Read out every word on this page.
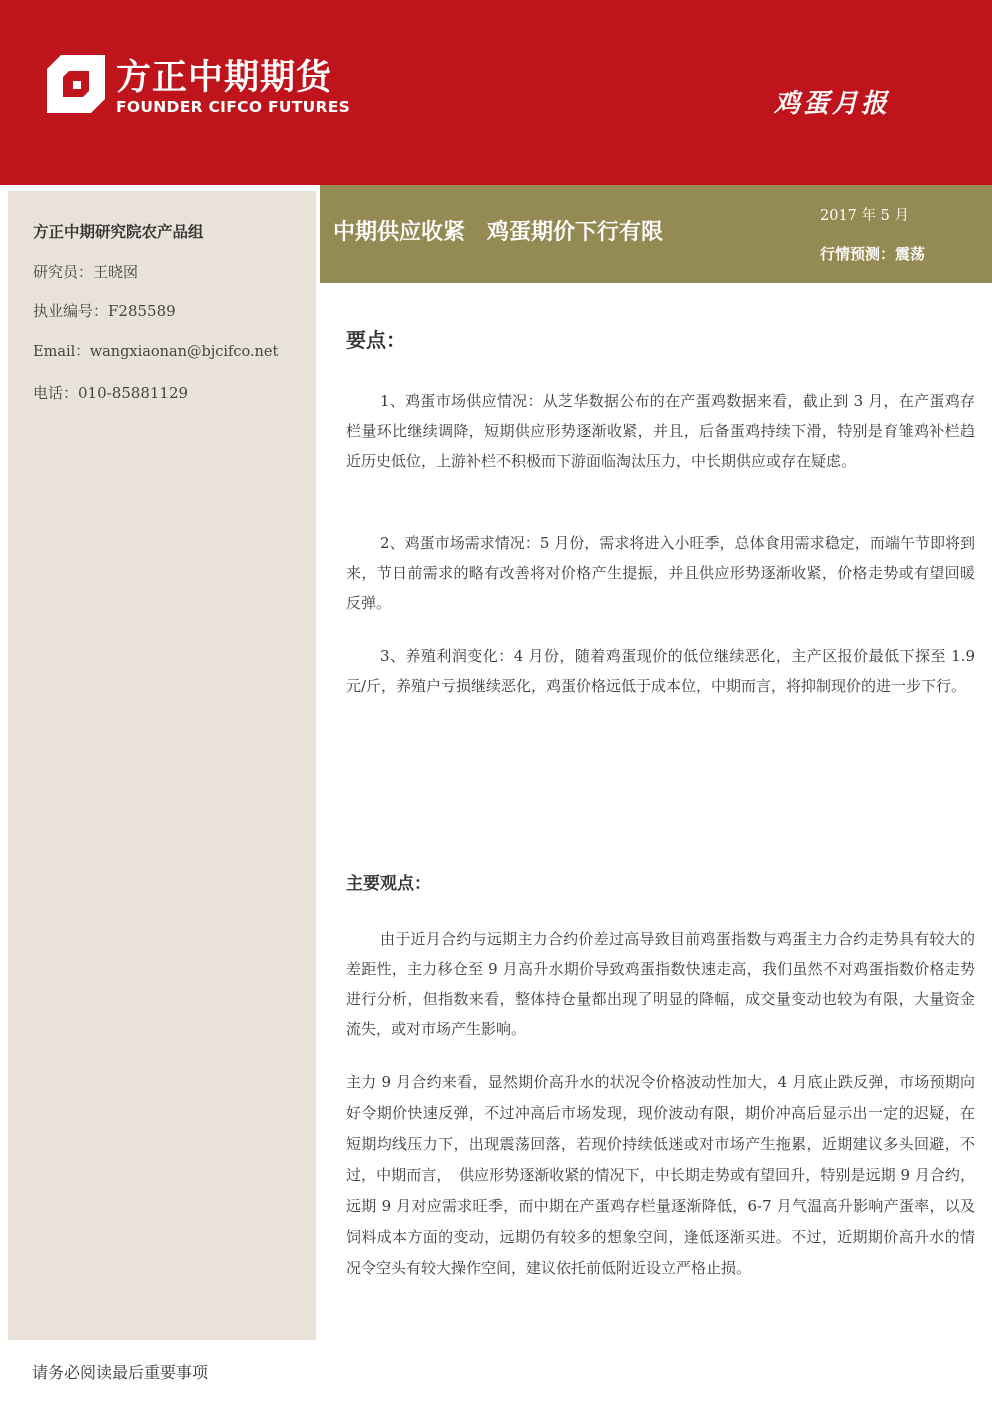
方正中期期货
FOUNDER CIFCO FUTURES	鸡蛋月报
方正中期研究院农产品组
研究员：王晓囡
执业编号：F285589
Email：wangxiaonan@bjcifco.net
电话：010-85881129
中期供应收紧　鸡蛋期价下行有限
2017 年 5 月
行情预测：震荡
要点：

1、鸡蛋市场供应情况：从芝华数据公布的在产蛋鸡数据来看，截止到 3 月，在产蛋鸡存栏量环比继续调降，短期供应形势逐渐收紧，并且，后备蛋鸡持续下滑，特别是育雏鸡补栏趋近历史低位，上游补栏不积极而下游面临淘汰压力，中长期供应或存在疑虑。

2、鸡蛋市场需求情况：5 月份，需求将进入小旺季，总体食用需求稳定，而端午节即将到来，节日前需求的略有改善将对价格产生提振，并且供应形势逐渐收紧，价格走势或有望回暖反弹。

3、养殖利润变化：4 月份，随着鸡蛋现价的低位继续恶化，主产区报价最低下探至 1.9 元/斤，养殖户亏损继续恶化，鸡蛋价格远低于成本位，中期而言，将抑制现价的进一步下行。

主要观点：

由于近月合约与远期主力合约价差过高导致目前鸡蛋指数与鸡蛋主力合约走势具有较大的差距性，主力移仓至 9 月高升水期价导致鸡蛋指数快速走高，我们虽然不对鸡蛋指数价格走势进行分析，但指数来看，整体持仓量都出现了明显的降幅，成交量变动也较为有限，大量资金流失，或对市场产生影响。

主力 9 月合约来看，显然期价高升水的状况令价格波动性加大，4 月底止跌反弹，市场预期向好令期价快速反弹，不过冲高后市场发现，现价波动有限，期价冲高后显示出一定的迟疑，在短期均线压力下，出现震荡回落，若现价持续低迷或对市场产生拖累，近期建议多头回避，不过，中期而言，　供应形势逐渐收紧的情况下，中长期走势或有望回升，特别是远期 9 月合约，远期 9 月对应需求旺季，而中期在产蛋鸡存栏量逐渐降低，6-7 月气温高升影响产蛋率，以及饲料成本方面的变动，远期仍有较多的想象空间，逢低逐渐买进。不过，近期期价高升水的情况令空头有较大操作空间，建议依托前低附近设立严格止损。

请务必阅读最后重要事项
